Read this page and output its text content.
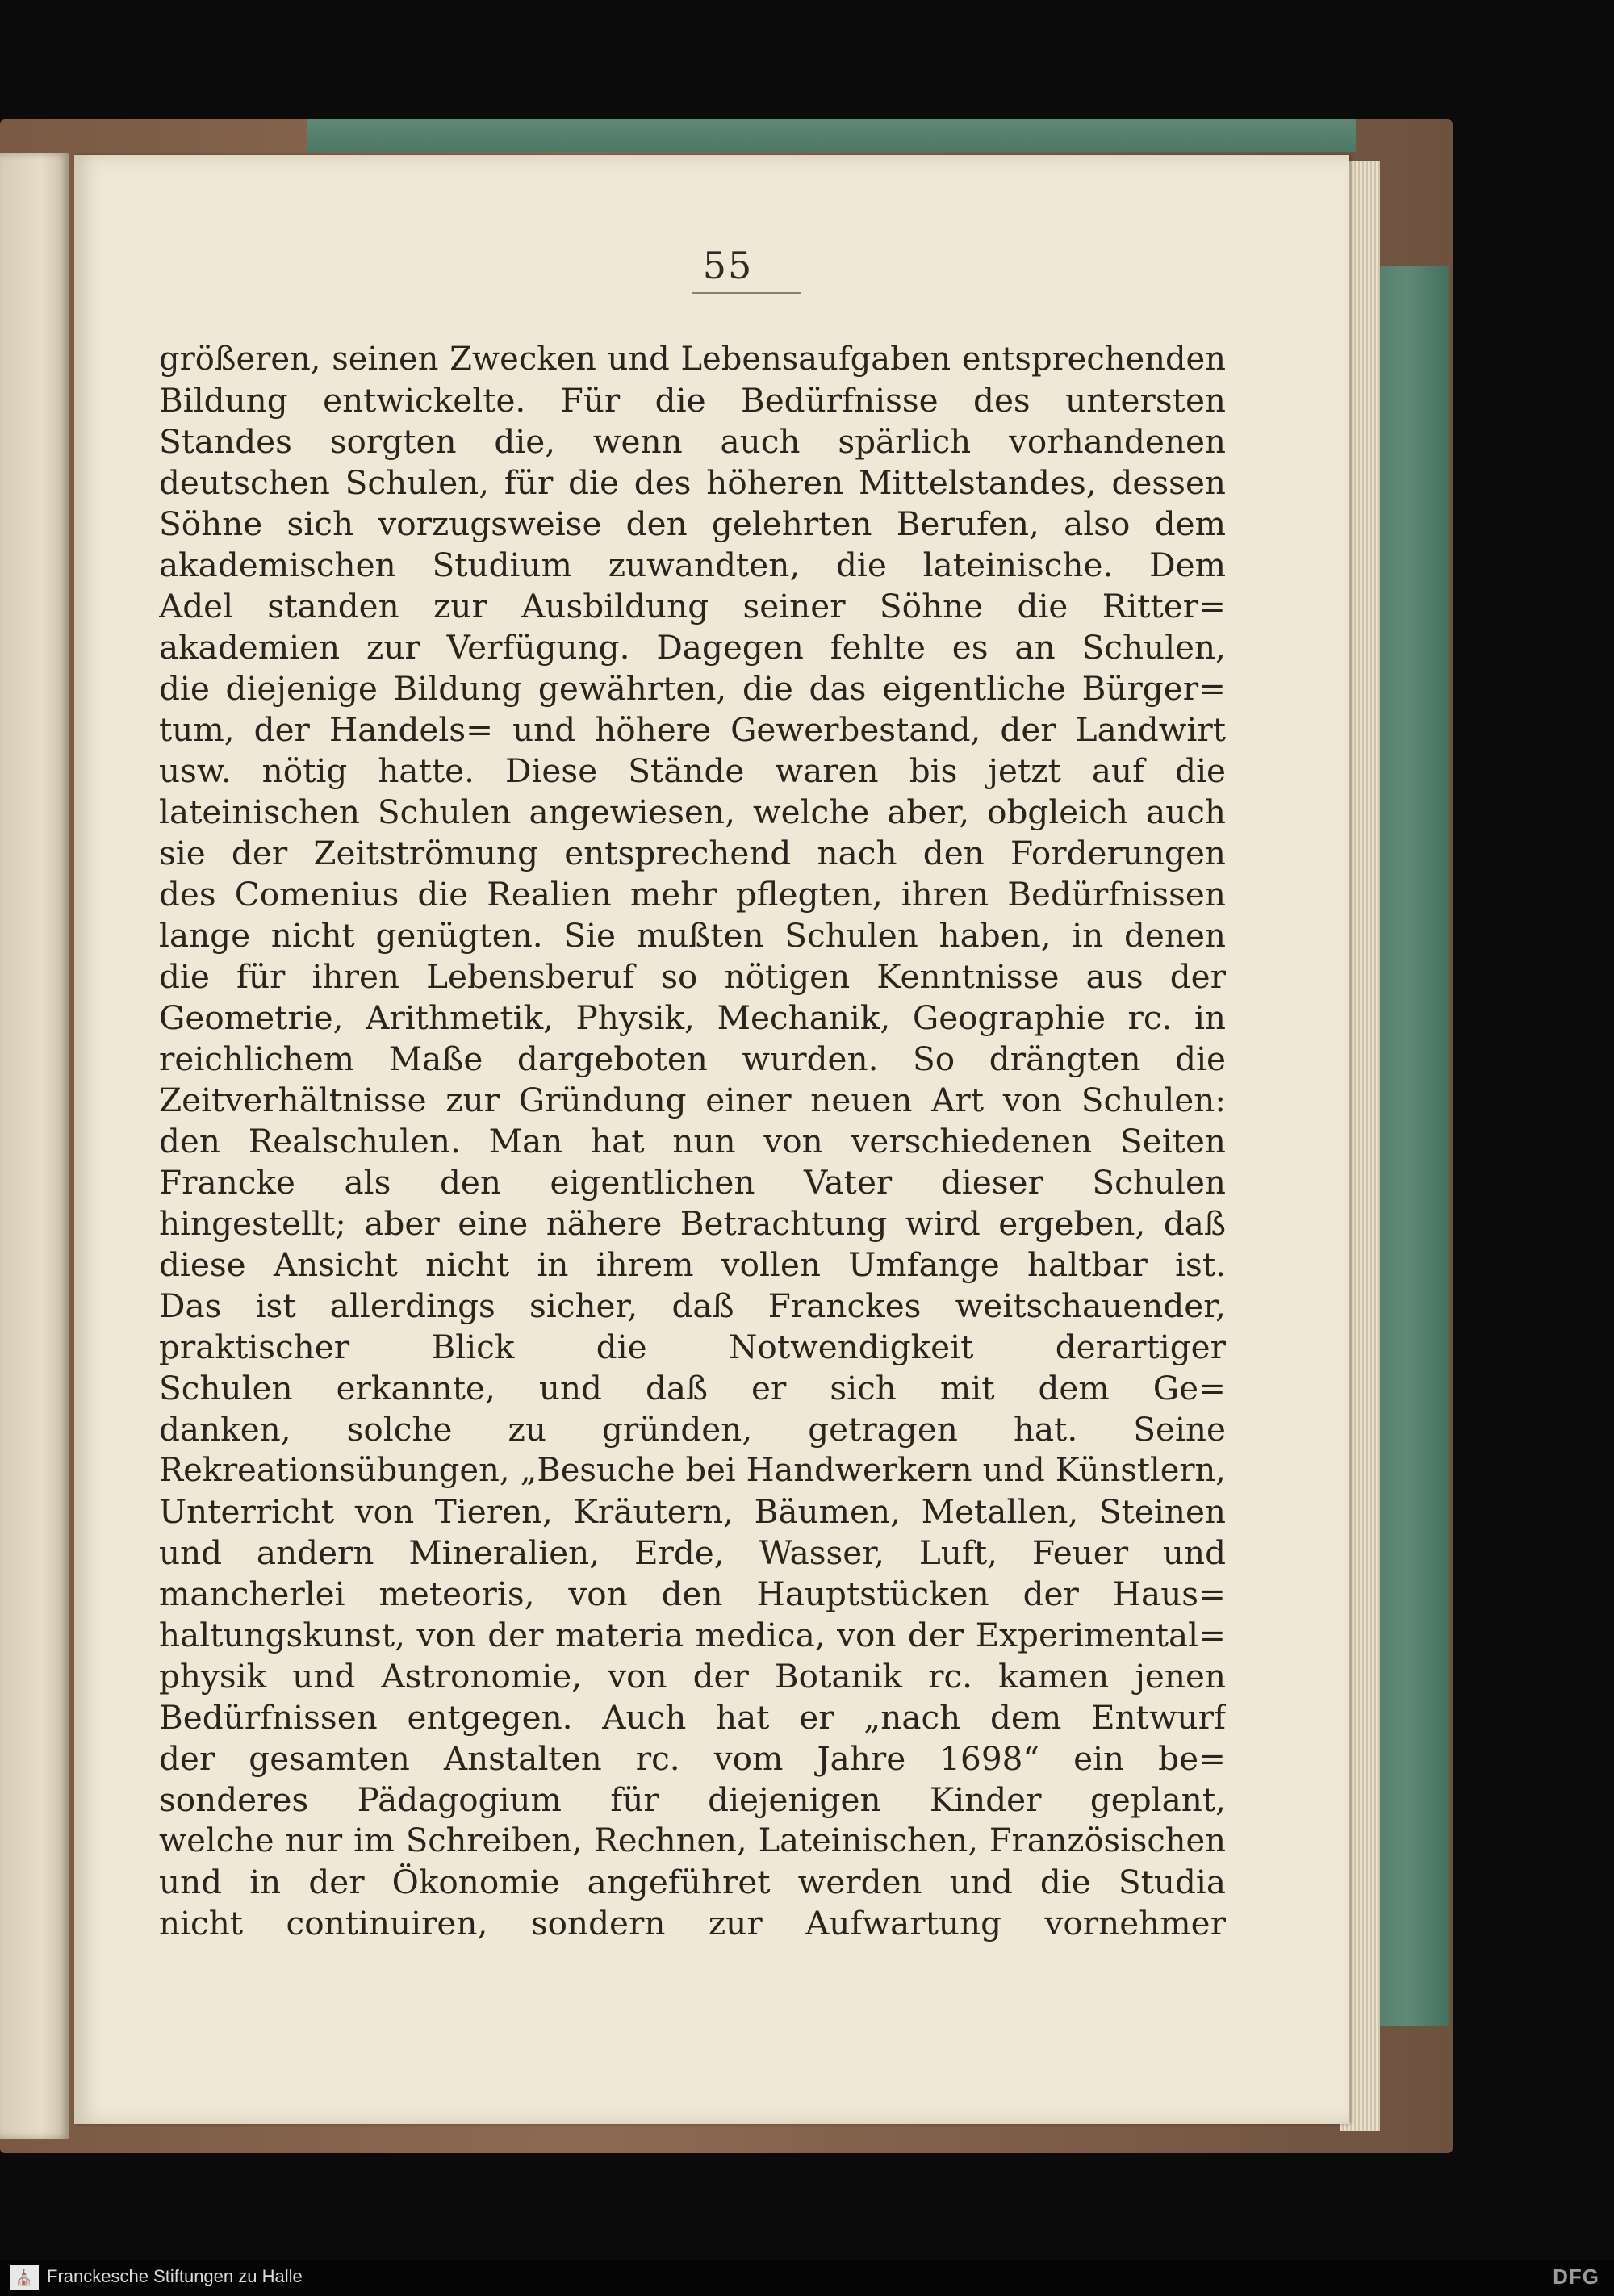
55
größeren, seinen Zwecken und Lebensaufgaben entsprechenden
Bildung entwickelte. Für die Bedürfnisse des untersten
Standes sorgten die, wenn auch spärlich vorhandenen
deutschen Schulen, für die des höheren Mittelstandes, dessen
Söhne sich vorzugsweise den gelehrten Berufen, also dem
akademischen Studium zuwandten, die lateinische. Dem
Adel standen zur Ausbildung seiner Söhne die Ritter=
akademien zur Verfügung. Dagegen fehlte es an Schulen,
die diejenige Bildung gewährten, die das eigentliche Bürger=
tum, der Handels= und höhere Gewerbestand, der Landwirt
usw. nötig hatte. Diese Stände waren bis jetzt auf die
lateinischen Schulen angewiesen, welche aber, obgleich auch
sie der Zeitströmung entsprechend nach den Forderungen
des Comenius die Realien mehr pflegten, ihren Bedürfnissen
lange nicht genügten. Sie mußten Schulen haben, in denen
die für ihren Lebensberuf so nötigen Kenntnisse aus der
Geometrie, Arithmetik, Physik, Mechanik, Geographie rc. in
reichlichem Maße dargeboten wurden. So drängten die
Zeitverhältnisse zur Gründung einer neuen Art von Schulen:
den Realschulen. Man hat nun von verschiedenen Seiten
Francke als den eigentlichen Vater dieser Schulen
hingestellt; aber eine nähere Betrachtung wird ergeben, daß
diese Ansicht nicht in ihrem vollen Umfange haltbar ist.
Das ist allerdings sicher, daß Franckes weitschauender,
praktischer Blick die Notwendigkeit derartiger
Schulen erkannte, und daß er sich mit dem Ge=
danken, solche zu gründen, getragen hat. Seine
Rekreationsübungen, „Besuche bei Handwerkern und Künstlern,
Unterricht von Tieren, Kräutern, Bäumen, Metallen, Steinen
und andern Mineralien, Erde, Wasser, Luft, Feuer und
mancherlei meteoris, von den Hauptstücken der Haus=
haltungskunst, von der materia medica, von der Experimental=
physik und Astronomie, von der Botanik rc. kamen jenen
Bedürfnissen entgegen. Auch hat er „nach dem Entwurf
der gesamten Anstalten rc. vom Jahre 1698“ ein be=
sonderes Pädagogium für diejenigen Kinder geplant,
welche nur im Schreiben, Rechnen, Lateinischen, Französischen
und in der Ökonomie angeführet werden und die Studia
nicht continuiren, sondern zur Aufwartung vornehmer
⛪ Franckesche Stiftungen zu Halle	DFG
